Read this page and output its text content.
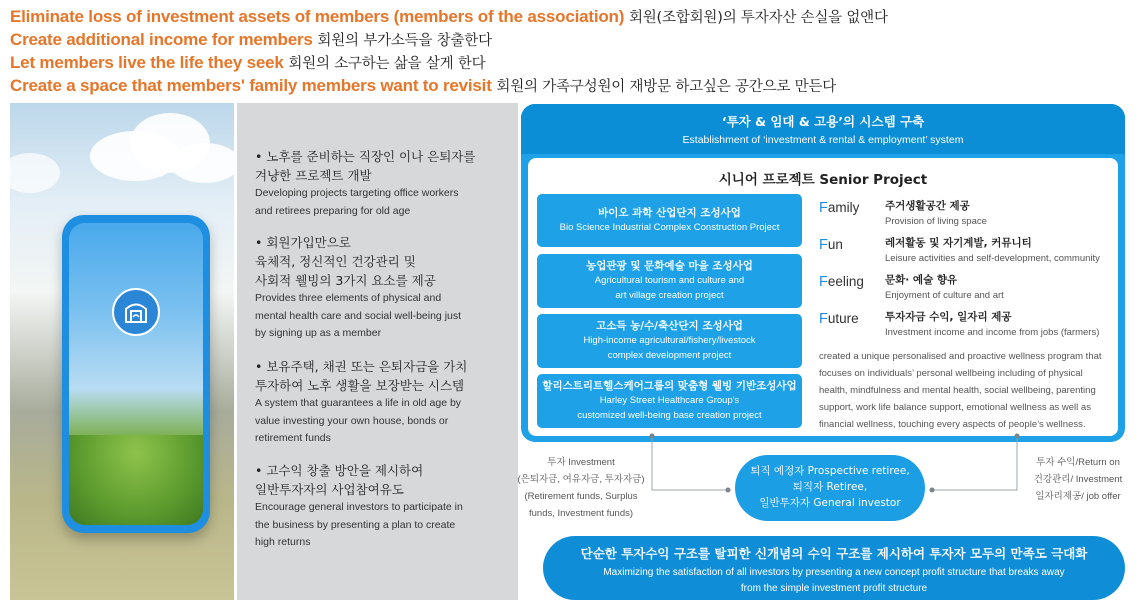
Eliminate loss of investment assets of members (members of the association) 회원(조합회원)의 투자자산 손실을 없앤다
Create additional income for members 회원의 부가소득을 창출한다
Let members live the life they seek 회원의 소구하는 삶을 살게 한다
Create a space that members' family members want to revisit 회원의 가족구성원이 재방문 하고싶은 공간으로 만든다
• 노후를 준비하는 직장인 이나 은퇴자를
겨냥한 프로젝트 개발
Developing projects targeting office workers
and retirees preparing for old age
• 회원가입만으로
육체적, 정신적인 건강관리 및
사회적 웰빙의 3가지 요소를 제공
Provides three elements of physical and
mental health care and social well-being just
by signing up as a member
• 보유주택, 채권 또는 은퇴자금을 가치
투자하여 노후 생활을 보장받는 시스템
A system that guarantees a life in old age by
value investing your own house, bonds or
retirement funds
• 고수익 창출 방안을 제시하여
일반투자자의 사업참여유도
Encourage general investors to participate in
the business by presenting a plan to create
high returns
‘투자 & 임대 & 고용’의 시스템 구축
Establishment of ‘investment & rental & employment’ system
시니어 프로젝트 Senior Project
바이오 과학 산업단지 조성사업
Bio Science Industrial Complex Construction Project
농업관광 및 문화예술 마을 조성사업
Agricultural tourism and culture and
art village creation project
고소득 농/수/축산단지 조성사업
High-income agricultural/fishery/livestock
complex development project
할리스트리트헬스케어그룹의 맞춤형 웰빙 기반조성사업
Harley Street Healthcare Group's
customized well-being base creation project
Family 주거생활공간 제공
Provision of living space
Fun	레저활동 및 자기계발, 커뮤니티
Leisure activities and self-development, community
Feeling 문화· 예술 향유
Enjoyment of culture and art
Future	투자자금 수익, 일자리 제공
Investment income and income from jobs (farmers)
created a unique personalised and proactive wellness program that focuses on individuals’ personal wellbeing including of physical health, mindfulness and mental health, social wellbeing, parenting support, work life balance support, emotional wellness as well as financial wellness, touching every aspects of people’s wellness.
투자 Investment
(은퇴자금, 여유자금, 투자자금)
(Retirement funds, Surplus
funds, Investment funds)
퇴직 예정자 Prospective retiree,
퇴직자 Retiree,
일반투자자 General investor
투자 수익/Return on
건강관리/ Investment
일자리제공/ job offer
단순한 투자수익 구조를 탈피한 신개념의 수익 구조를 제시하여 투자자 모두의 만족도 극대화
Maximizing the satisfaction of all investors by presenting a new concept profit structure that breaks away
from the simple investment profit structure
